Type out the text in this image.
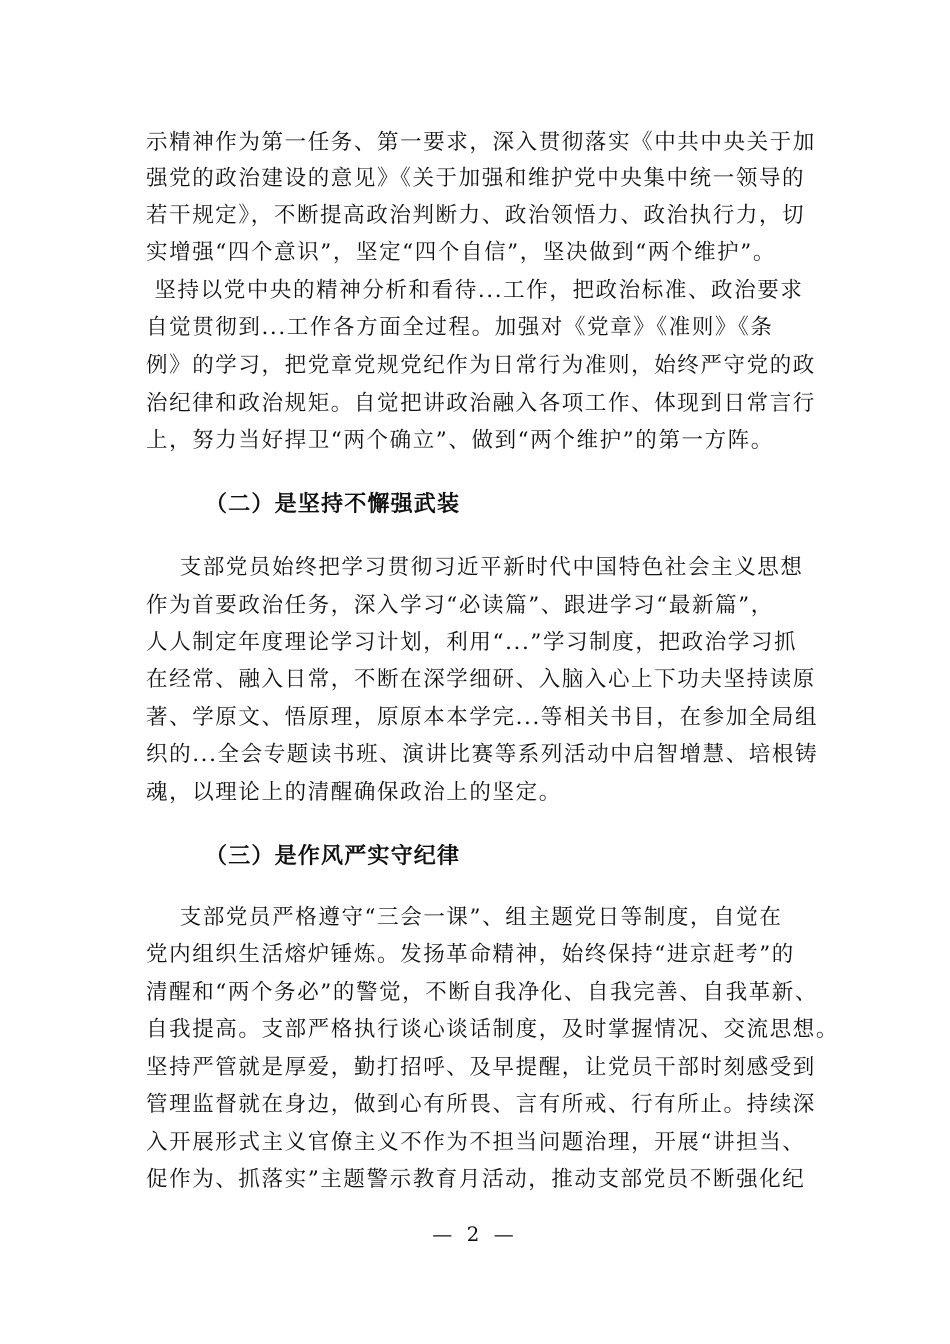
示精神作为第一任务、第一要求，深入贯彻落实《中共中央关于加
强党的政治建设的意见》《关于加强和维护党中央集中统一领导的
若干规定》，不断提高政治判断力、政治领悟力、政治执行力，切
实增强“四个意识”，坚定“四个自信”，坚决做到“两个维护”。
坚持以党中央的精神分析和看待...工作，把政治标准、政治要求
自觉贯彻到...工作各方面全过程。加强对《党章》《准则》《条
例》的学习，把党章党规党纪作为日常行为准则，始终严守党的政
治纪律和政治规矩。自觉把讲政治融入各项工作、体现到日常言行
上，努力当好捍卫“两个确立”、做到“两个维护”的第一方阵。
（二）是坚持不懈强武装
支部党员始终把学习贯彻习近平新时代中国特色社会主义思想
作为首要政治任务，深入学习“必读篇”、跟进学习“最新篇”，
人人制定年度理论学习计划，利用“...”学习制度，把政治学习抓
在经常、融入日常，不断在深学细研、入脑入心上下功夫坚持读原
著、学原文、悟原理，原原本本学完...等相关书目，在参加全局组
织的...全会专题读书班、演讲比赛等系列活动中启智增慧、培根铸
魂，以理论上的清醒确保政治上的坚定。
（三）是作风严实守纪律
支部党员严格遵守“三会一课”、组主题党日等制度，自觉在
党内组织生活熔炉锤炼。发扬革命精神，始终保持“进京赶考”的
清醒和“两个务必”的警觉，不断自我净化、自我完善、自我革新、
自我提高。支部严格执行谈心谈话制度，及时掌握情况、交流思想。
坚持严管就是厚爱，勤打招呼、及早提醒，让党员干部时刻感受到
管理监督就在身边，做到心有所畏、言有所戒、行有所止。持续深
入开展形式主义官僚主义不作为不担当问题治理，开展“讲担当、
促作为、抓落实”主题警示教育月活动，推动支部党员不断强化纪
— 2 —
